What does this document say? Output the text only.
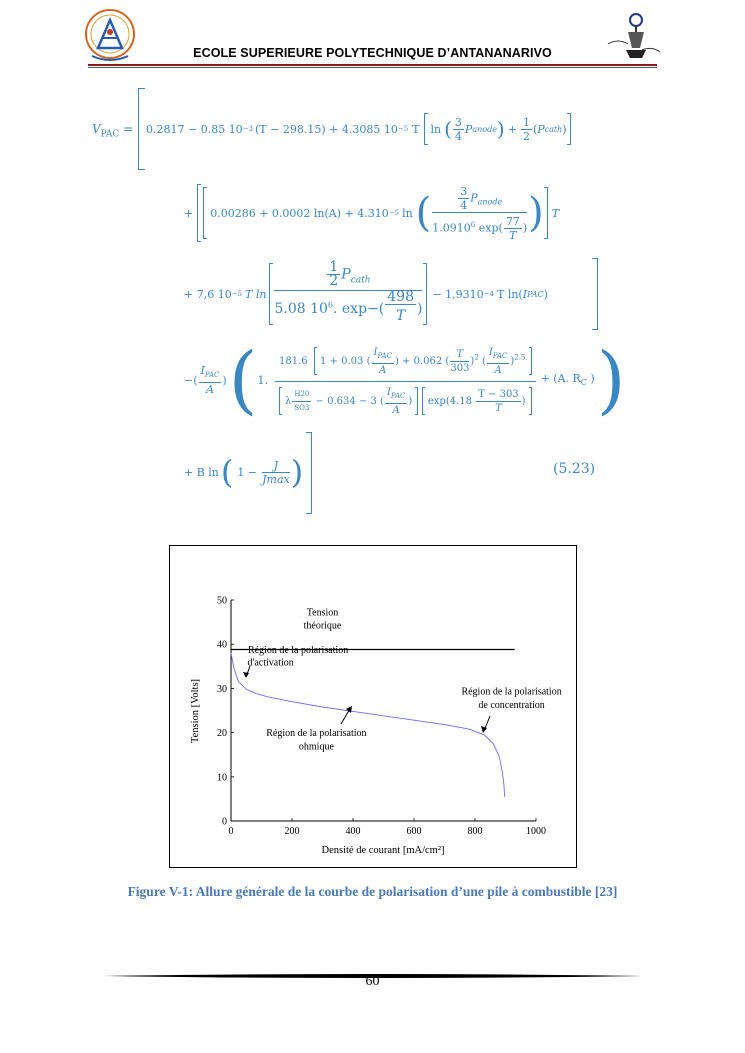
ECOLE SUPERIEURE POLYTECHNIQUE D’ANTANANARIVO
$V_{PAC} = 0.2817 - 0.85$ 10 −3 (T − 298.15) + 4.3085 10 −5 T ln ( $\frac{3}{4}$ P anode ) + $\frac{1}{2}$ ( P cath )
+ 0.00286 + 0.0002 ln(A) + 4.310 −5 ln ( $\frac{\frac{3}{4} P_{anode}}{1.0910^6 \exp( \frac{77}{T})}$ ) T
+ 7,6 10 −5 T $\ln \frac{\frac{1}{2} P_{cath}}{5.08 10^6. \exp-( \frac{498}{T})} - 1,9310 -4$ T ln( I PAC )
− ( $\frac{I_{PAC}}{A}$ ) ( 1.
181.6 1 + 0.03 ( $\frac{I_{PAC}}{A}) + 0.062$ ( $\frac{T}{303} )^2$ ( $\frac{I_{PAC}}{A})^{2.5}$
λ $\frac{H20}{SO3} - 0.634 - 3$ ( $\frac{I_{PAC}}{A}$)   $\exp(4.18 \frac{T - 303}{T})$
+ (A. $R_C$ ) )
+ B ln ( $1 - \frac{J}{Jmax}$ )	(5.23)
0	200	400	600	800	1000
0
10
20
30
40
50
Tension
théorique
Région de la polarisation
d'activation
Région de la polarisation
de concentration
Région de la polarisation
ohmique
Densité de courant [mA/cm²]
Tension [Volts]
Figure V-1: Allure générale de la courbe de polarisation d’une pile à combustible [23]
60
